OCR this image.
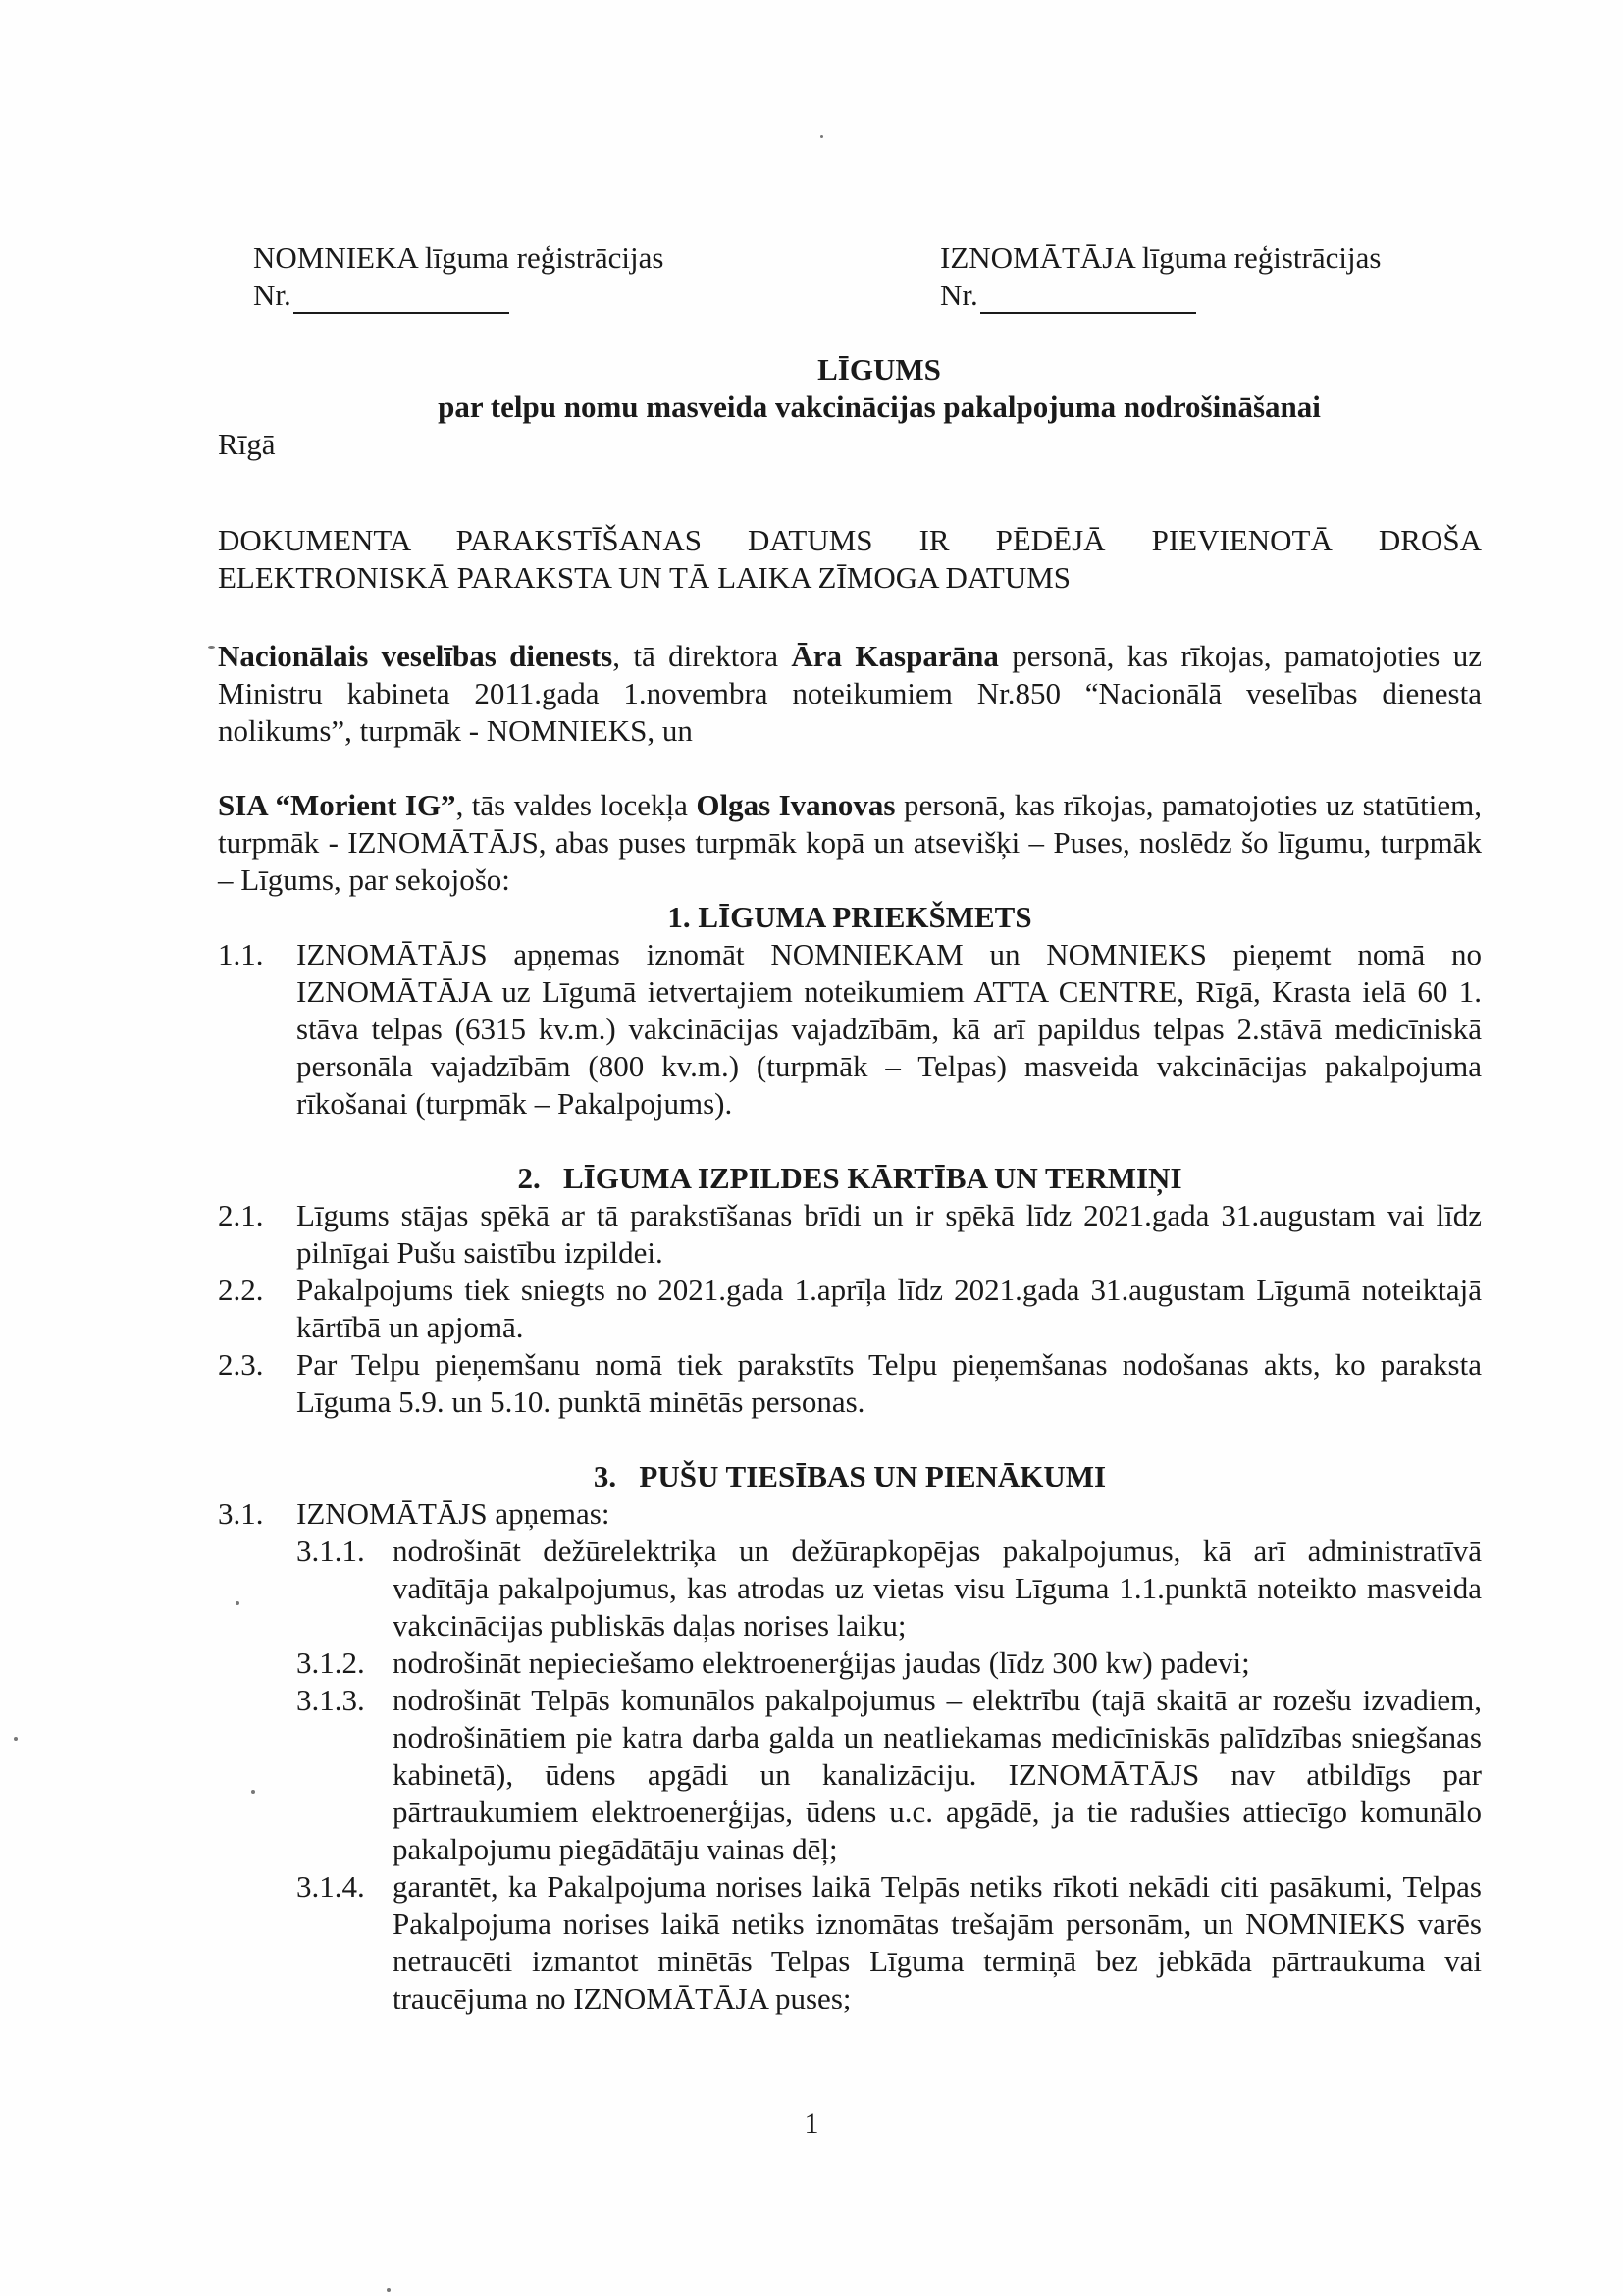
NOMNIEKA līguma reģistrācijas
Nr.
IZNOMĀTĀJA līguma reģistrācijas
Nr.
LĪGUMS
par telpu nomu masveida vakcinācijas pakalpojuma nodrošināšanai
Rīgā
DOKUMENTA PARAKSTĪŠANAS DATUMS IR PĒDĒJĀ PIEVIENOTĀ DROŠA
ELEKTRONISKĀ PARAKSTA UN TĀ LAIKA ZĪMOGA DATUMS
Nacionālais veselības dienests, tā direktora Āra Kasparāna personā, kas rīkojas, pamatojoties uz Ministru kabineta 2011.gada 1.novembra noteikumiem Nr.850 “Nacionālā veselības dienesta nolikums”, turpmāk - NOMNIEKS, un
SIA “Morient IG”, tās valdes locekļa Olgas Ivanovas personā, kas rīkojas, pamatojoties uz statūtiem, turpmāk - IZNOMĀTĀJS, abas puses turpmāk kopā un atsevišķi – Puses, noslēdz šo līgumu, turpmāk – Līgums, par sekojošo:
1. LĪGUMA PRIEKŠMETS
1.1.	IZNOMĀTĀJS apņemas iznomāt NOMNIEKAM un NOMNIEKS pieņemt nomā no IZNOMĀTĀJA uz Līgumā ietvertajiem noteikumiem ATTA CENTRE, Rīgā, Krasta ielā 60 1. stāva telpas (6315 kv.m.) vakcinācijas vajadzībām, kā arī papildus telpas 2.stāvā medicīniskā personāla vajadzībām (800 kv.m.) (turpmāk – Telpas) masveida vakcinācijas pakalpojuma rīkošanai (turpmāk – Pakalpojums).
2.   LĪGUMA IZPILDES KĀRTĪBA UN TERMIŅI
2.1.	Līgums stājas spēkā ar tā parakstīšanas brīdi un ir spēkā līdz 2021.gada 31.augustam vai līdz pilnīgai Pušu saistību izpildei.
2.2.	Pakalpojums tiek sniegts no 2021.gada 1.aprīļa līdz 2021.gada 31.augustam Līgumā noteiktajā kārtībā un apjomā.
2.3.	Par Telpu pieņemšanu nomā tiek parakstīts Telpu pieņemšanas nodošanas akts, ko paraksta Līguma 5.9. un 5.10. punktā minētās personas.
3.   PUŠU TIESĪBAS UN PIENĀKUMI
3.1.	IZNOMĀTĀJS apņemas:
3.1.1. nodrošināt dežūrelektriķa un dežūrapkopējas pakalpojumus, kā arī administratīvā vadītāja pakalpojumus, kas atrodas uz vietas visu Līguma 1.1.punktā noteikto masveida vakcinācijas publiskās daļas norises laiku;
3.1.2. nodrošināt nepieciešamo elektroenerģijas jaudas (līdz 300 kw) padevi;
3.1.3. nodrošināt Telpās komunālos pakalpojumus – elektrību (tajā skaitā ar rozešu izvadiem, nodrošinātiem pie katra darba galda un neatliekamas medicīniskās palīdzības sniegšanas kabinetā), ūdens apgādi un kanalizāciju. IZNOMĀTĀJS nav atbildīgs par pārtraukumiem elektroenerģijas, ūdens u.c. apgādē, ja tie radušies attiecīgo komunālo pakalpojumu piegādātāju vainas dēļ;
3.1.4. garantēt, ka Pakalpojuma norises laikā Telpās netiks rīkoti nekādi citi pasākumi, Telpas Pakalpojuma norises laikā netiks iznomātas trešajām personām, un NOMNIEKS varēs netraucēti izmantot minētās Telpas Līguma termiņā bez jebkāda pārtraukuma vai traucējuma no IZNOMĀTĀJA puses;
1
